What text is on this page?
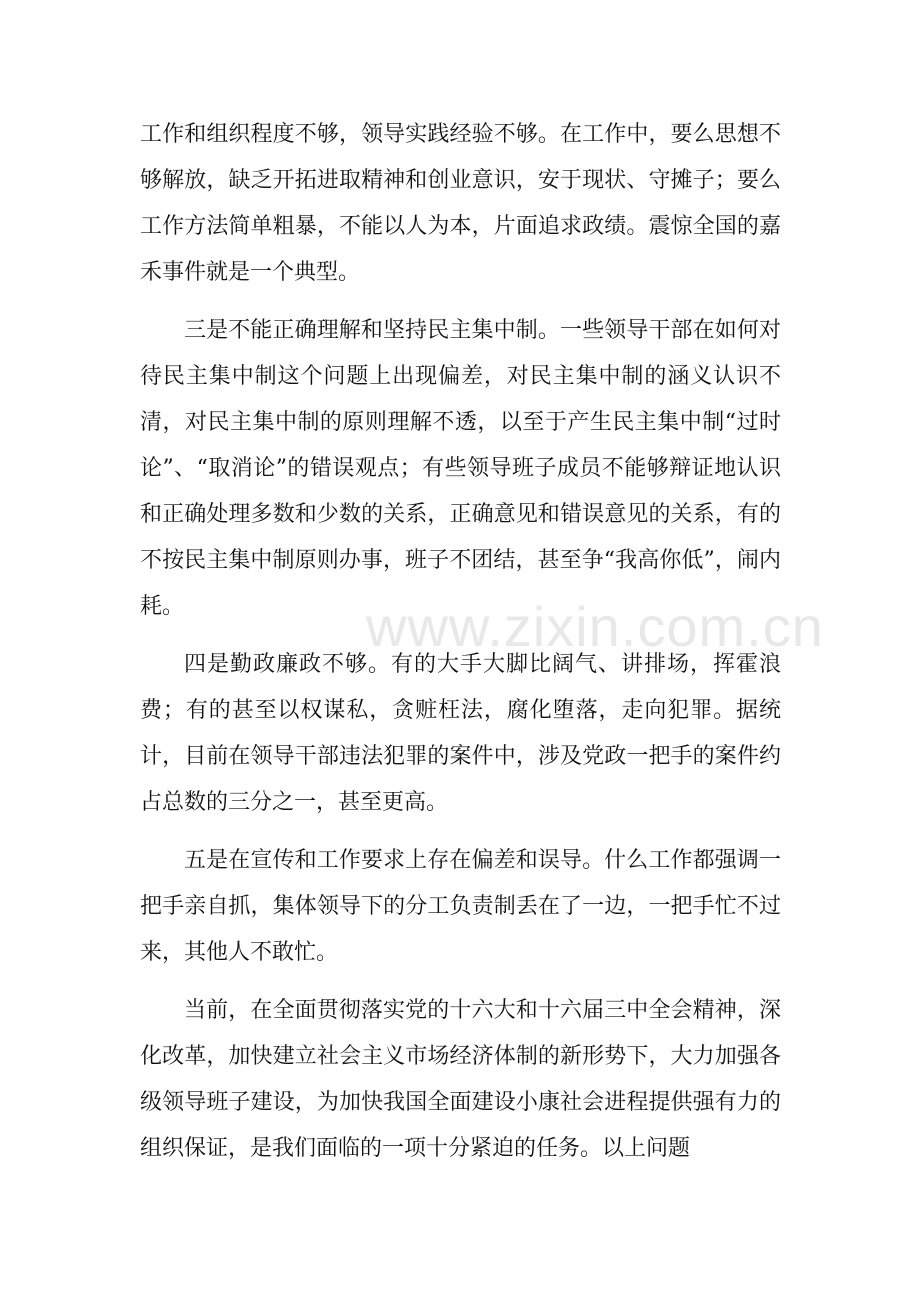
www.zixin.com.cn

工作和组织程度不够，领导实践经验不够。在工作中，要么思想不够解放，缺乏开拓进取精神和创业意识，安于现状、守摊子；要么工作方法简单粗暴，不能以人为本，片面追求政绩。震惊全国的嘉禾事件就是一个典型。

三是不能正确理解和坚持民主集中制。一些领导干部在如何对待民主集中制这个问题上出现偏差，对民主集中制的涵义认识不清，对民主集中制的原则理解不透，以至于产生民主集中制“过时论”、“取消论”的错误观点；有些领导班子成员不能够辩证地认识和正确处理多数和少数的关系，正确意见和错误意见的关系，有的不按民主集中制原则办事，班子不团结，甚至争“我高你低”，闹内耗。

四是勤政廉政不够。有的大手大脚比阔气、讲排场，挥霍浪费；有的甚至以权谋私，贪赃枉法，腐化堕落，走向犯罪。据统计，目前在领导干部违法犯罪的案件中，涉及党政一把手的案件约占总数的三分之一，甚至更高。

五是在宣传和工作要求上存在偏差和误导。什么工作都强调一把手亲自抓，集体领导下的分工负责制丢在了一边，一把手忙不过来，其他人不敢忙。

当前，在全面贯彻落实党的十六大和十六届三中全会精神，深化改革，加快建立社会主义市场经济体制的新形势下，大力加强各级领导班子建设，为加快我国全面建设小康社会进程提供强有力的组织保证，是我们面临的一项十分紧迫的任务。以上问题
